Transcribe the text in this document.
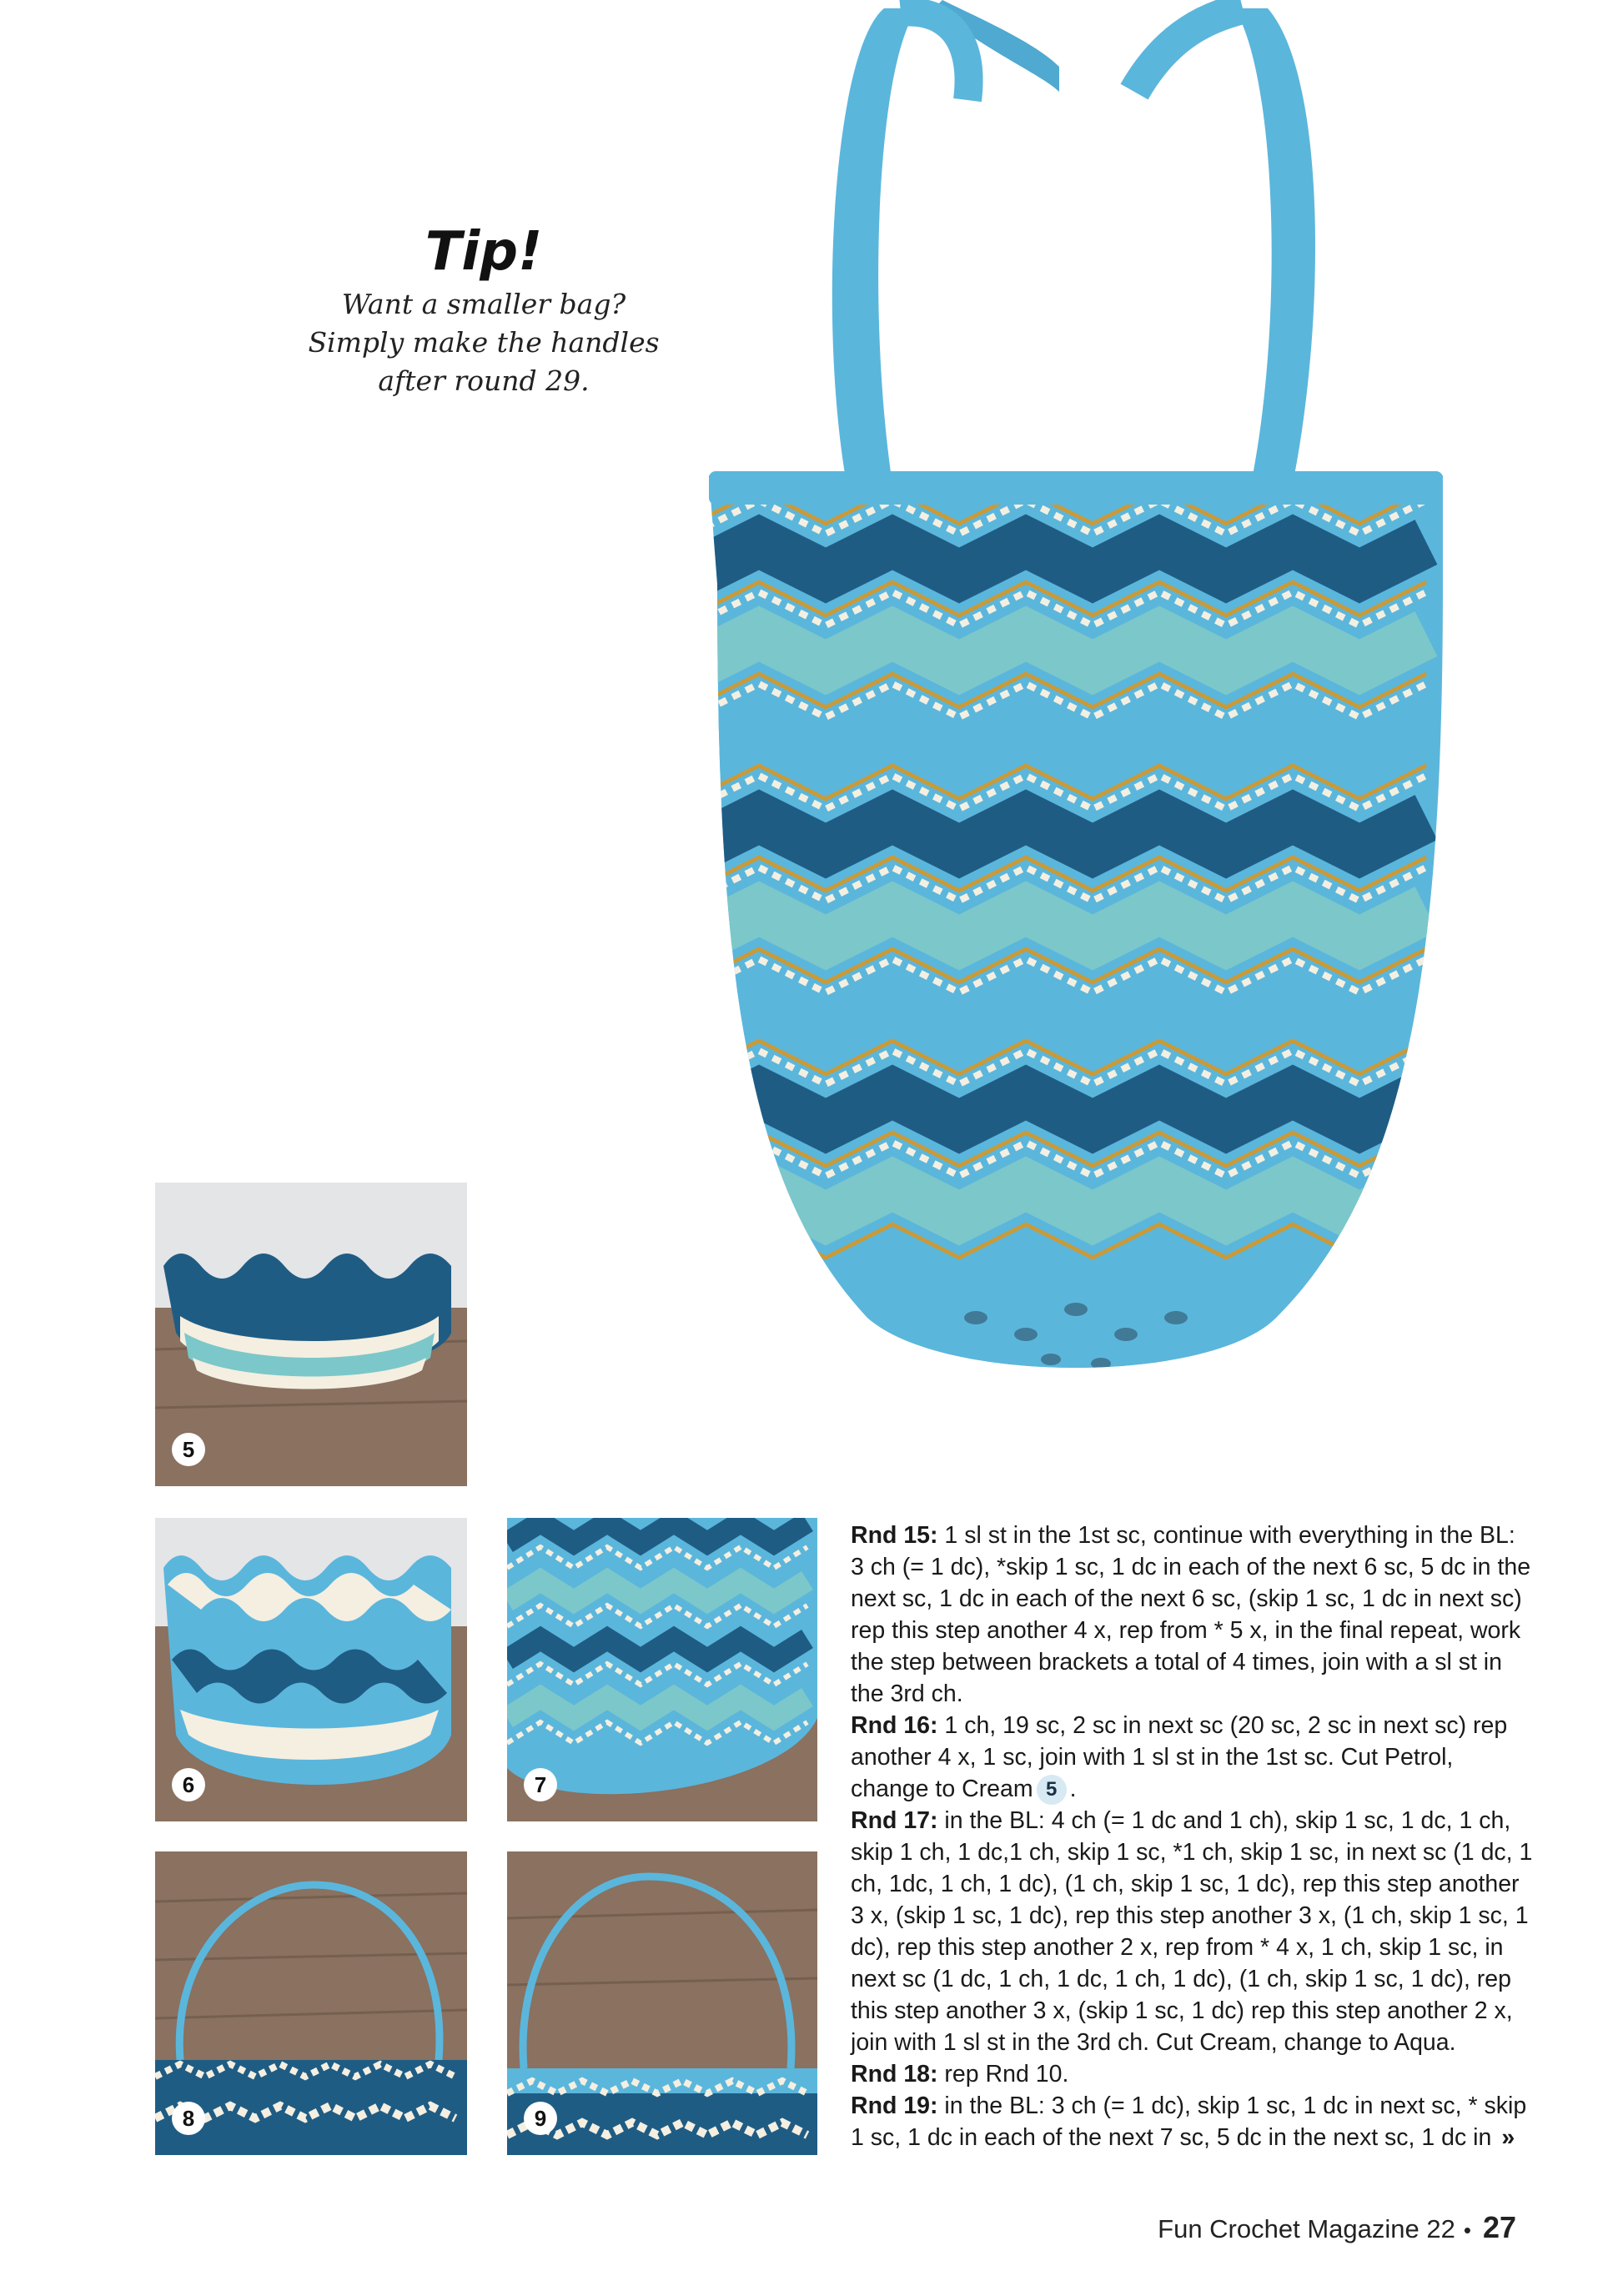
Tip!
Want a smaller bag?
Simply make the handles
after round 29.
5
6	7
8	9

Rnd 15: 1 sl st in the 1st sc, continue with everything in the BL: 3 ch (= 1 dc), *skip 1 sc, 1 dc in each of the next 6 sc, 5 dc in the next sc, 1 dc in each of the next 6 sc, (skip 1 sc, 1 dc in next sc) rep this step another 4 x, rep from * 5 x, in the final repeat, work the step between brackets a total of 4 times, join with a sl st in the 3rd ch.

Rnd 16: 1 ch, 19 sc, 2 sc in next sc (20 sc, 2 sc in next sc) rep another 4 x, 1 sc, join with 1 sl st in the 1st sc. Cut Petrol, change to Cream 5 .

Rnd 17: in the BL: 4 ch (= 1 dc and 1 ch), skip 1 sc, 1 dc, 1 ch, skip 1 ch, 1 dc,1 ch, skip 1 sc, *1 ch, skip 1 sc, in next sc (1 dc, 1 ch, 1dc, 1 ch, 1 dc), (1 ch, skip 1 sc, 1 dc), rep this step another 3 x, (skip 1 sc, 1 dc), rep this step another 3 x, (1 ch, skip 1 sc, 1 dc), rep this step another 2 x, rep from * 4 x, 1 ch, skip 1 sc, in next sc (1 dc, 1 ch, 1 dc, 1 ch, 1 dc), (1 ch, skip 1 sc, 1 dc), rep this step another 3 x, (skip 1 sc, 1 dc) rep this step another 2 x, join with 1 sl st in the 3rd ch. Cut Cream, change to Aqua.

Rnd 18: rep Rnd 10.

Rnd 19: in the BL: 3 ch (= 1 dc), skip 1 sc, 1 dc in next sc, * skip 1 sc, 1 dc in each of the next 7 sc, 5 dc in the next sc, 1 dc in »

Fun Crochet Magazine 22 • 27
